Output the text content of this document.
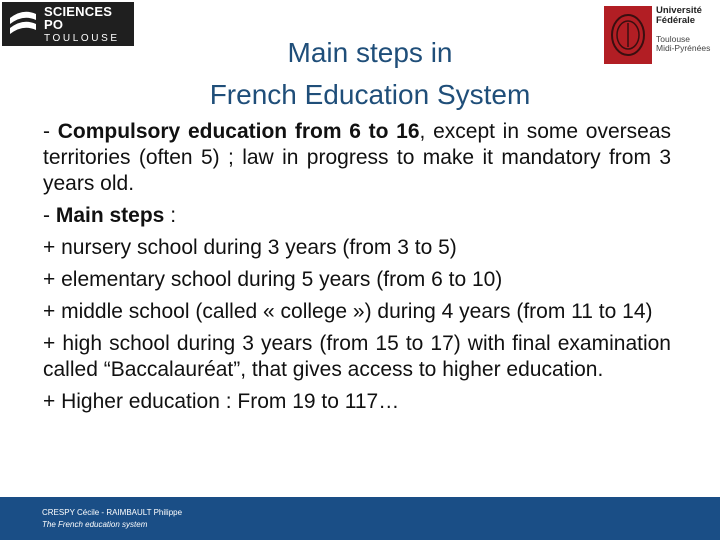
SCIENCES PO
TOULOUSE
Université
Fédérale
Toulouse
Midi-Pyrénées
Main steps in
French Education System

- Compulsory education from 6 to 16, except in some overseas territories (often 5) ; law in progress to make it mandatory from 3 years old.

- Main steps :

+ nursery school during 3 years (from 3 to 5)

+ elementary school during 5 years (from 6 to 10)

+ middle school (called « college ») during 4 years (from 11 to 14)

+ high school during 3 years (from 15 to 17) with final examination called “Baccalauréat”, that gives access to higher education.

+ Higher education : From 19 to 117…

CRESPY Cécile - RAIMBAULT Philippe
The French education system
